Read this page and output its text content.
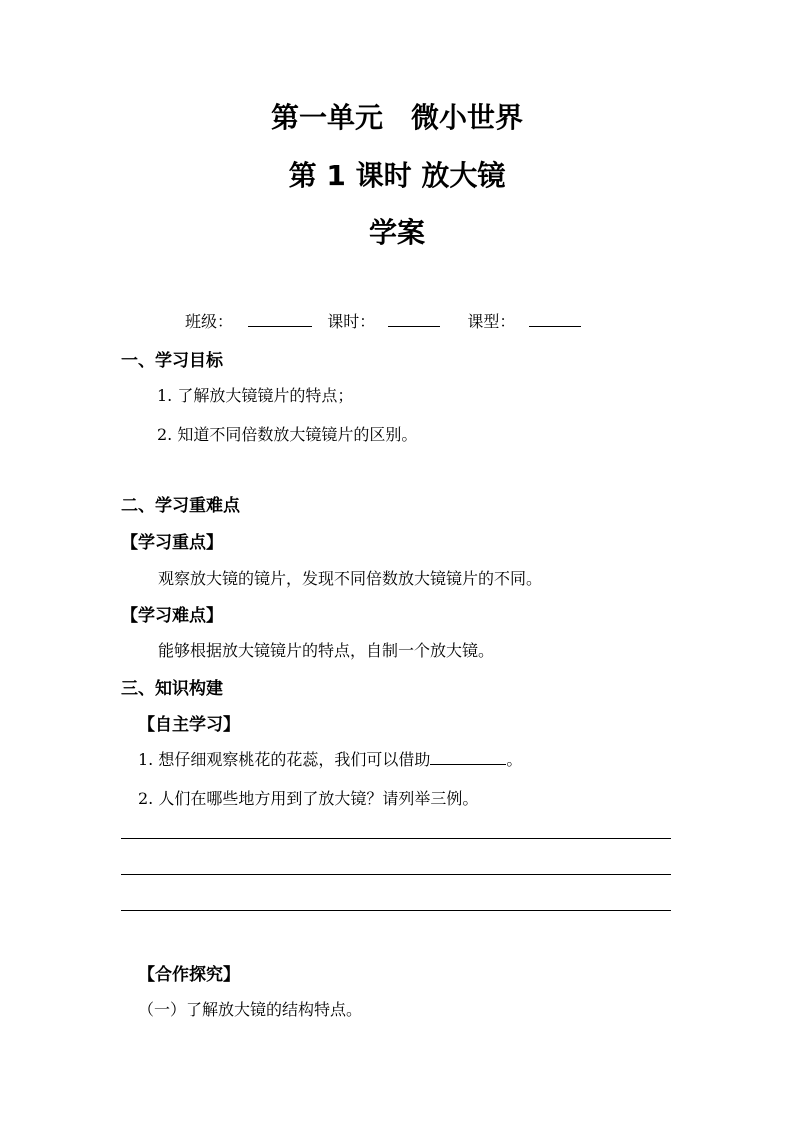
第一单元　微小世界
第 1 课时 放大镜
学案
班级：	课时：	课型：
一、学习目标
1. 了解放大镜镜片的特点；
2. 知道不同倍数放大镜镜片的区别。
二、学习重难点
【学习重点】
观察放大镜的镜片，发现不同倍数放大镜镜片的不同。
【学习难点】
能够根据放大镜镜片的特点，自制一个放大镜。
三、知识构建
【自主学习】
1. 想仔细观察桃花的花蕊，我们可以借助	。
2. 人们在哪些地方用到了放大镜？请列举三例。
【合作探究】
（一）了解放大镜的结构特点。
